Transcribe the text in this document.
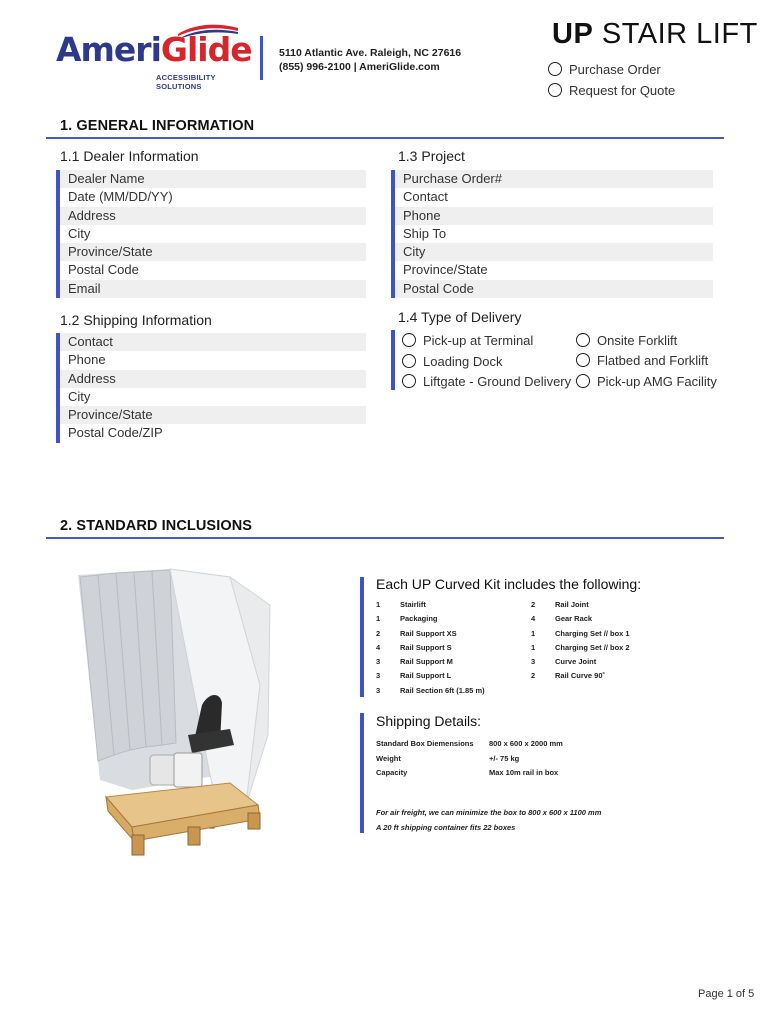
AmeriGlide
ACCESSIBILITY SOLUTIONS
5110 Atlantic Ave. Raleigh, NC 27616
(855) 996-2100 | AmeriGlide.com
UP STAIR LIFT
Purchase Order
Request for Quote
1. GENERAL INFORMATION
1.1 Dealer Information
Dealer Name
Date (MM/DD/YY)
Address
City
Province/State
Postal Code
Email
1.3 Project
Purchase Order#
Contact
Phone
Ship To
City
Province/State
Postal Code
1.2 Shipping Information
Contact
Phone
Address
City
Province/State
Postal Code/ZIP
1.4 Type of Delivery
Pick-up at Terminal
Loading Dock
Liftgate - Ground Delivery
Onsite Forklift
Flatbed and Forklift
Pick-up AMG Facility
2. STANDARD INCLUSIONS
Each UP Curved Kit includes the following:
1	Stairlift	2	Rail Joint
1	Packaging	4	Gear Rack
2	Rail Support XS	1	Charging Set // box 1
4	Rail Support S	1	Charging Set // box 2
3	Rail Support M	3	Curve Joint
3	Rail Support L	2	Rail Curve 90˚
3	Rail Section 6ft (1.85 m)
Shipping Details:
Standard Box Diemensions 800 x 600 x 2000 mm
Weight	+/- 75 kg
Capacity	Max 10m rail in box
For air freight, we can minimize the box to 800 x 600 x 1100 mm
A 20 ft shipping container fits 22 boxes
Page 1 of 5
